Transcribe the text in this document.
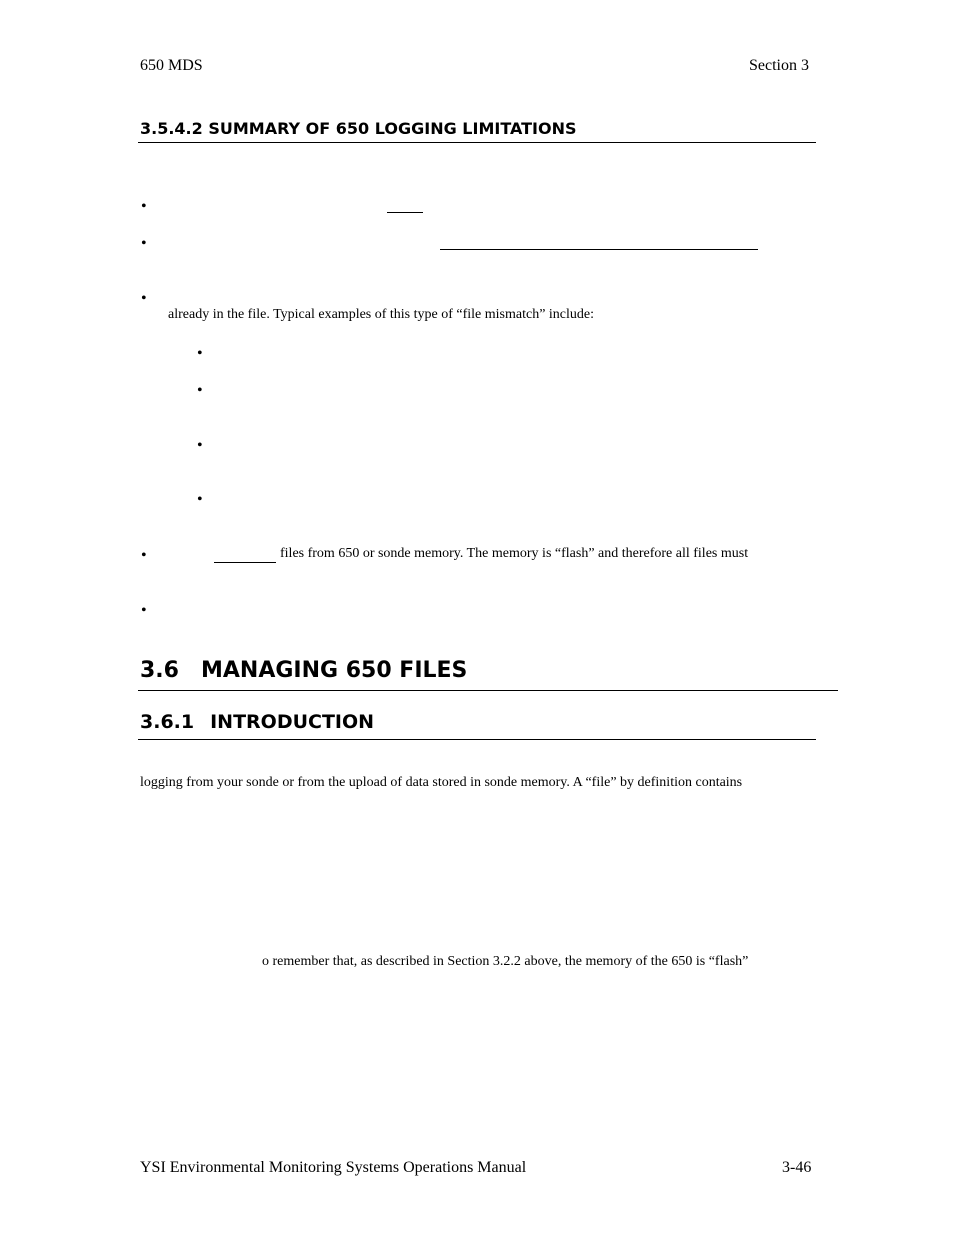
650 MDS	Section 3
3.5.4.2 SUMMARY OF 650 LOGGING LIMITATIONS
•
•
•
already in the file. Typical examples of this type of “file mismatch” include:
•
•
•
•
•	files from 650 or sonde memory. The memory is “flash” and therefore all files must
•
3.6 MANAGING 650 FILES
3.6.1 INTRODUCTION
logging from your sonde or from the upload of data stored in sonde memory. A “file” by definition contains
o remember that, as described in Section 3.2.2 above, the memory of the 650 is “flash”
YSI Environmental Monitoring Systems Operations Manual	3-46
